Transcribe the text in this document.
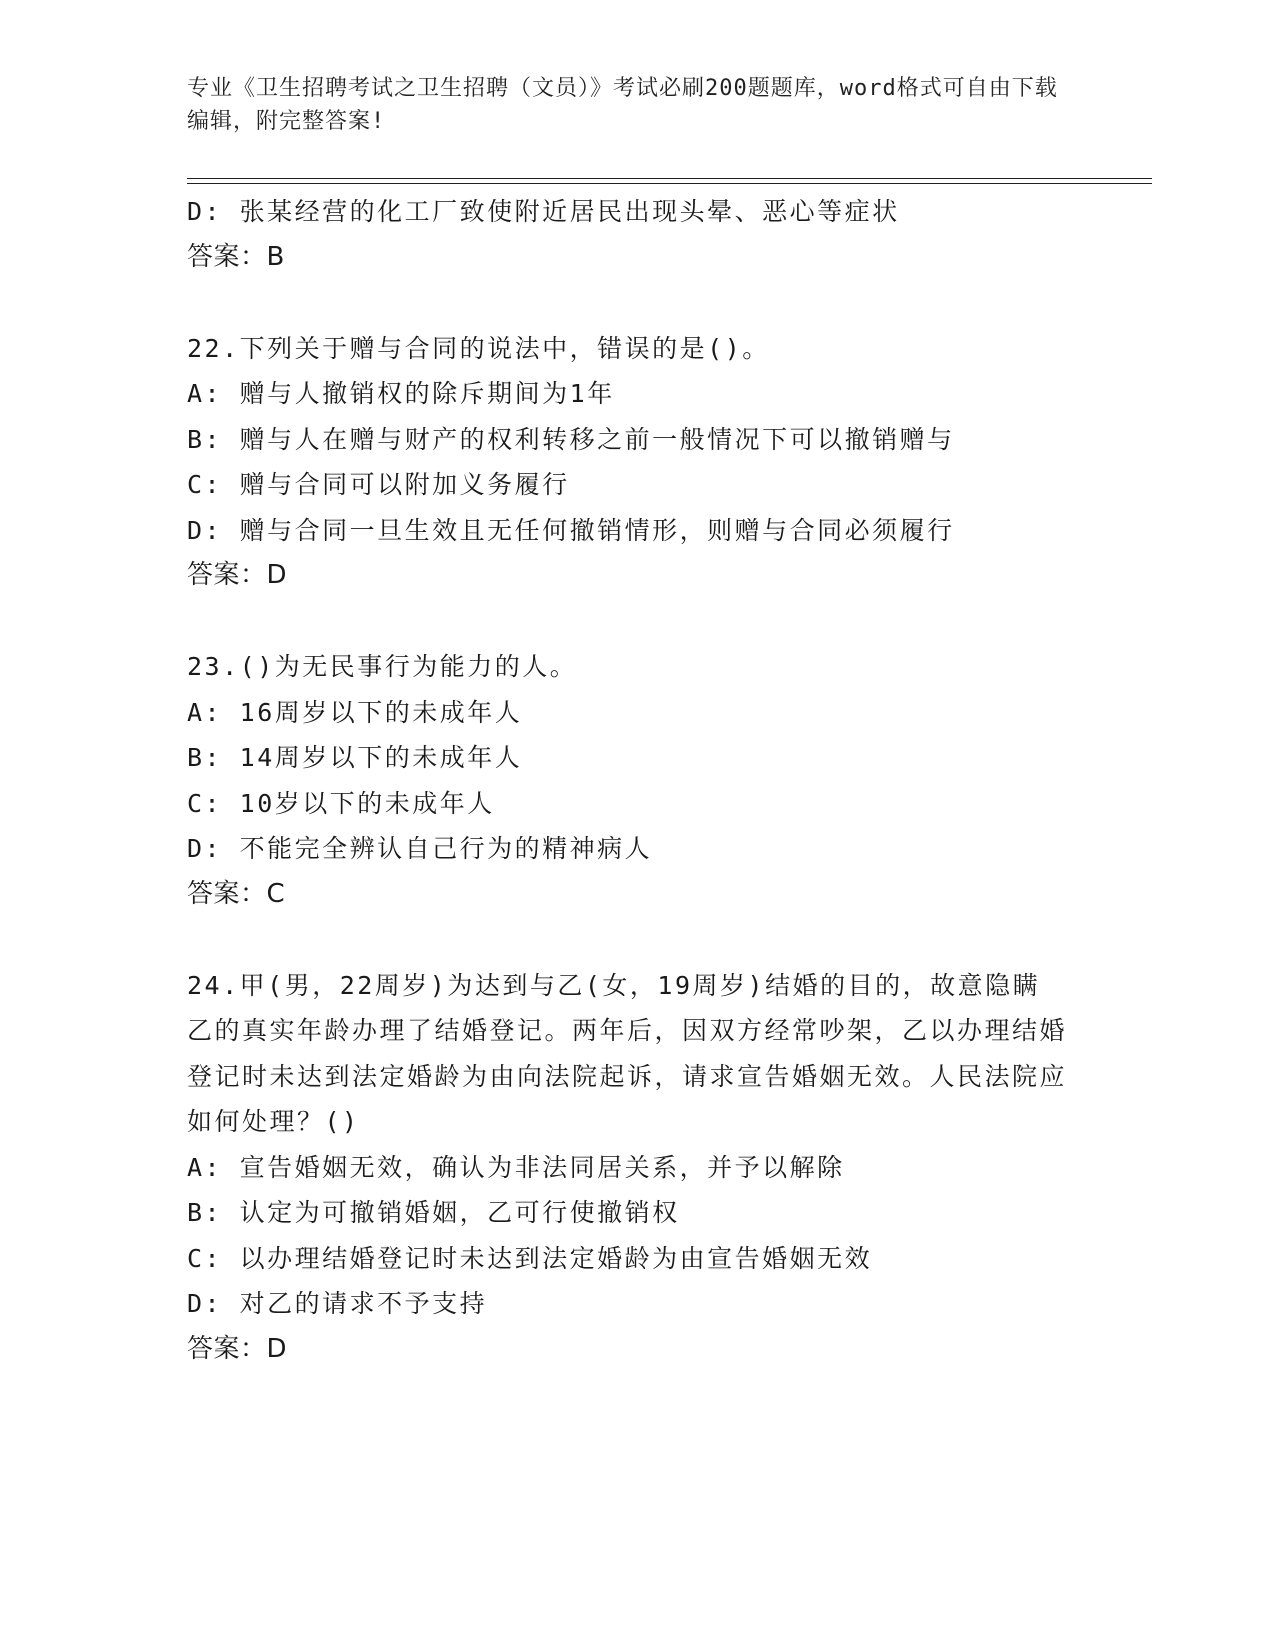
专业《卫生招聘考试之卫生招聘（文员）》考试必刷200题题库，word格式可自由下载编辑，附完整答案!
D: 张某经营的化工厂致使附近居民出现头晕、恶心等症状
答案：B
22.下列关于赠与合同的说法中，错误的是()。
A: 赠与人撤销权的除斥期间为1年
B: 赠与人在赠与财产的权利转移之前一般情况下可以撤销赠与
C: 赠与合同可以附加义务履行
D: 赠与合同一旦生效且无任何撤销情形，则赠与合同必须履行
答案：D
23.()为无民事行为能力的人。
A: 16周岁以下的未成年人
B: 14周岁以下的未成年人
C: 10岁以下的未成年人
D: 不能完全辨认自己行为的精神病人
答案：C
24.甲(男，22周岁)为达到与乙(女，19周岁)结婚的目的，故意隐瞒乙的真实年龄办理了结婚登记。两年后，因双方经常吵架，乙以办理结婚登记时未达到法定婚龄为由向法院起诉，请求宣告婚姻无效。人民法院应如何处理？()
A: 宣告婚姻无效，确认为非法同居关系，并予以解除
B: 认定为可撤销婚姻，乙可行使撤销权
C: 以办理结婚登记时未达到法定婚龄为由宣告婚姻无效
D: 对乙的请求不予支持
答案：D
